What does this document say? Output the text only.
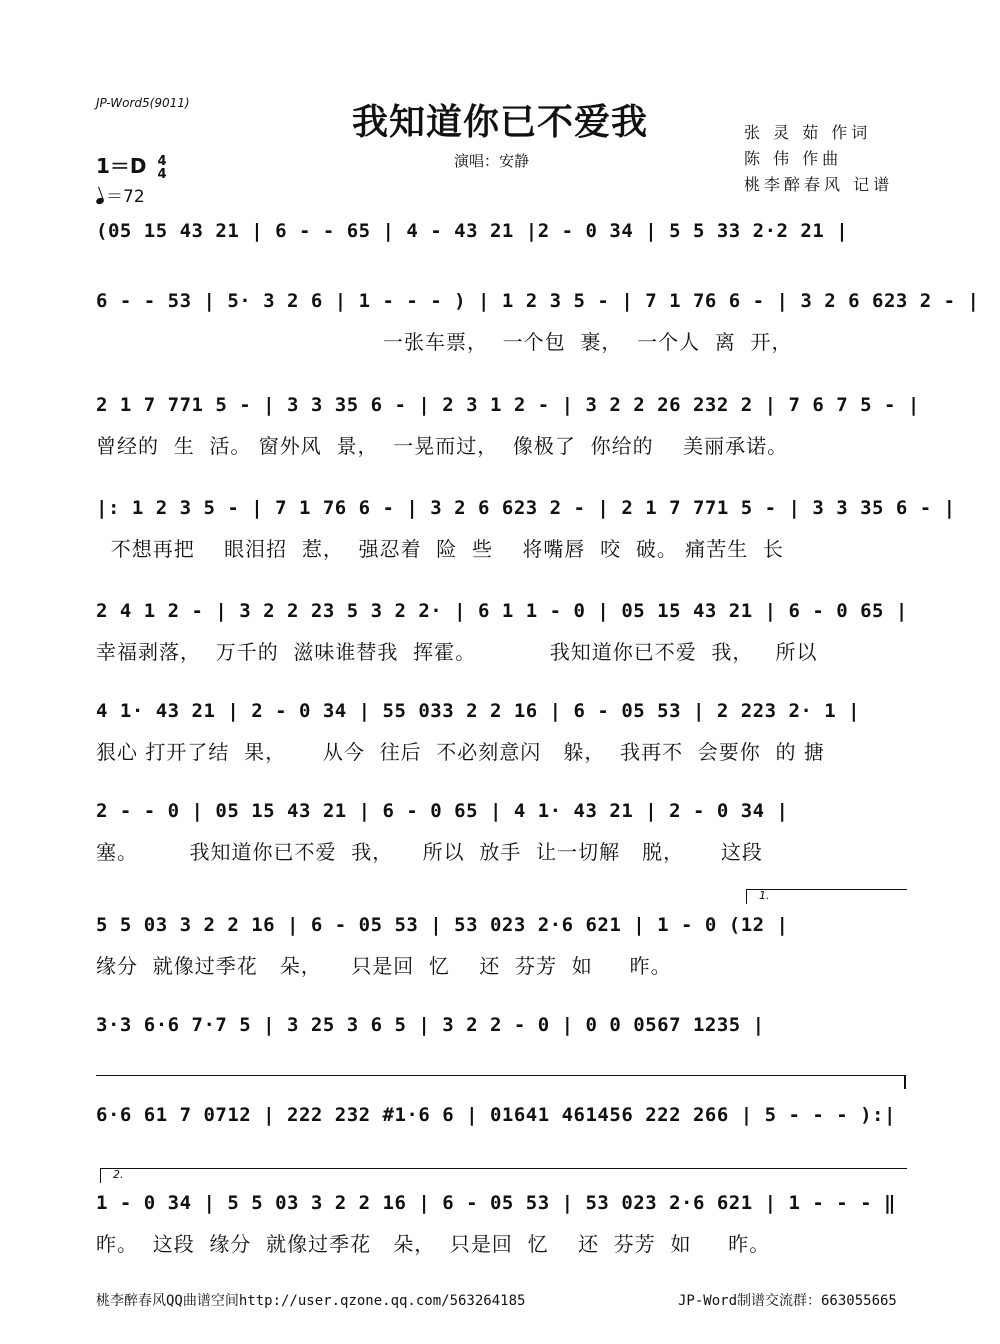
JP-Word5(9011)	我知道你已不爱我
演唱：安静
张 灵 茹 作词
陈 伟 作曲
桃李醉春风 记谱
1＝D 4
4
＝72
(05 15 43 21 | 6 - - 65 | 4 - 43 21 |2 - 0 34 | 5 5 33 2·2 21 |
6 - - 53 | 5· 3 2 6 | 1 - - - ) | 1 2 3 5 - | 7 1 76 6 - | 3 2 6 623 2 - |
一张车票，  一个包  裹，  一个人  离  开，
2 1 7 771 5 - | 3 3 35 6 - | 2 3 1 2 - | 3 2 2 26 232 2 | 7 6 7 5 - |
曾经的  生  活。 窗外风  景，  一晃而过，  像极了  你给的    美丽承诺。
|: 1 2 3 5 - | 7 1 76 6 - | 3 2 6 623 2 - | 2 1 7 771 5 - | 3 3 35 6 - |
不想再把    眼泪招  惹，  强忍着  险  些    将嘴唇  咬  破。 痛苦生  长
2 4 1 2 - | 3 2 2 23 5 3 2 2· | 6 1 1 - 0 | 05 15 43 21 | 6 - 0 65 |
幸福剥落，  万千的  滋味谁替我  挥霍。          我知道你已不爱  我，   所以
4 1· 43 21 | 2 - 0 34 | 55 033 2 2 16 | 6 - 05 53 | 2 223 2· 1 |
狠心 打开了结  果，     从今  往后  不必刻意闪   躲，  我再不  会要你  的 搪
2 - - 0 | 05 15 43 21 | 6 - 0 65 | 4 1· 43 21 | 2 - 0 34 |
塞。       我知道你已不爱  我，    所以  放手  让一切解   脱，     这段
1.
5 5 03 3 2 2 16 | 6 - 05 53 | 53 023 2·6 621 | 1 - 0 (12 |
缘分  就像过季花   朵，    只是回  忆    还  芬芳  如     昨。
3·3 6·6 7·7 5 | 3 25 3 6 5 | 3 2 2 - 0 | 0 0 0567 1235 |
6·6 61 7 0712 | 222 232 #1·6 6 | 01641 461456 222 266 | 5 - - - ):|
2.
1 - 0 34 | 5 5 03 3 2 2 16 | 6 - 05 53 | 53 023 2·6 621 | 1 - - - ‖
昨。  这段  缘分  就像过季花   朵，  只是回  忆    还  芬芳  如     昨。
桃李醉春风QQ曲谱空间http://user.qzone.qq.com/563264185	JP-Word制谱交流群：663055665
